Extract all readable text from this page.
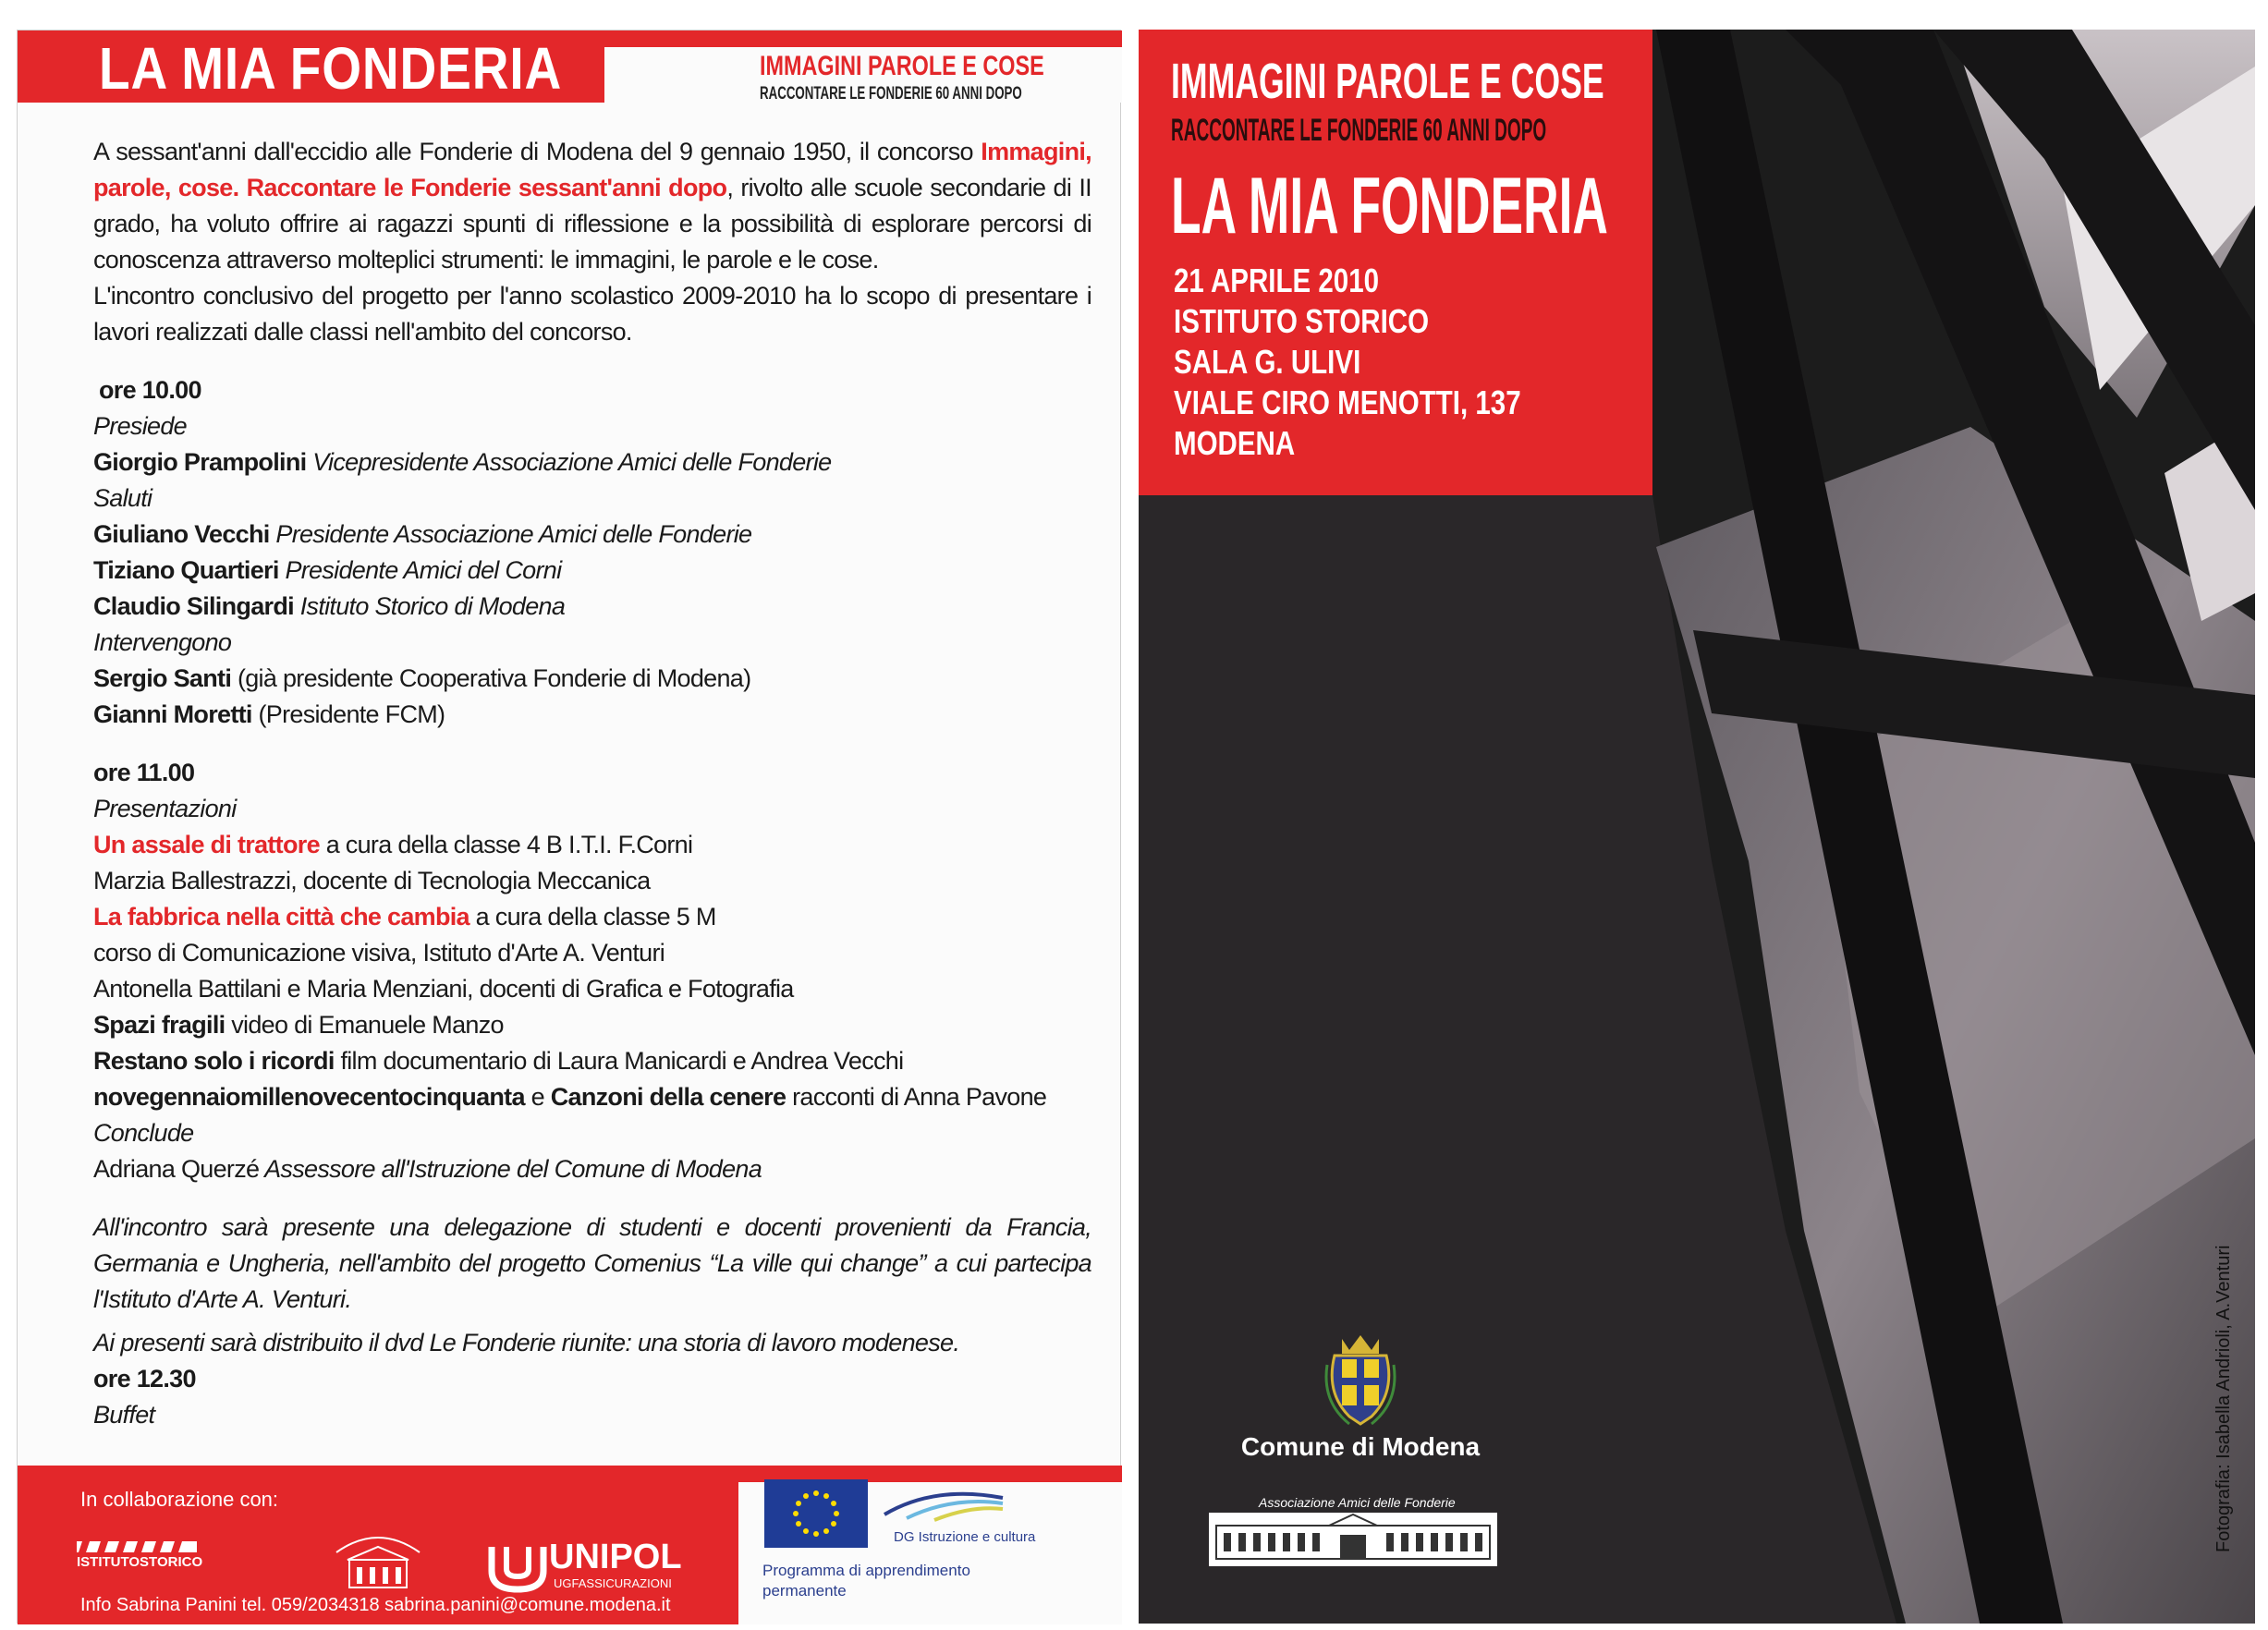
LA MIA FONDERIA	IMMAGINI PAROLE E COSE
RACCONTARE LE FONDERIE 60 ANNI DOPO

A sessant'anni dall'eccidio alle Fonderie di Modena del 9 gennaio 1950, il concorso Immagini, parole, cose. Raccontare le Fonderie sessant'anni dopo, rivolto alle scuole secondarie di II grado, ha voluto offrire ai ragazzi spunti di riflessione e la possibilità di esplorare percorsi di conoscenza attraverso molteplici strumenti: le immagini, le parole e le cose.

L'incontro conclusivo del progetto per l'anno scolastico 2009-2010 ha lo scopo di presentare i lavori realizzati dalle classi nell'ambito del concorso.

ore 10.00

Presiede

Giorgio Prampolini Vicepresidente Associazione Amici delle Fonderie

Saluti

Giuliano Vecchi Presidente Associazione Amici delle Fonderie

Tiziano Quartieri Presidente Amici del Corni

Claudio Silingardi Istituto Storico di Modena

Intervengono

Sergio Santi (già presidente Cooperativa Fonderie di Modena)

Gianni Moretti (Presidente FCM)

ore 11.00

Presentazioni

Un assale di trattore a cura della classe 4 B I.T.I. F.Corni

Marzia Ballestrazzi, docente di Tecnologia Meccanica

La fabbrica nella città che cambia a cura della classe 5 M

corso di Comunicazione visiva, Istituto d'Arte A. Venturi

Antonella Battilani e Maria Menziani, docenti di Grafica e Fotografia

Spazi fragili video di Emanuele Manzo

Restano solo i ricordi film documentario di Laura Manicardi e Andrea Vecchi

novegennaiomillenovecentocinquanta e Canzoni della cenere racconti di Anna Pavone

Conclude

Adriana Querzé Assessore all'Istruzione del Comune di Modena

All'incontro sarà presente una delegazione di studenti e docenti provenienti da Francia, Germania e Ungheria, nell'ambito del progetto Comenius “La ville qui change” a cui partecipa l'Istituto d'Arte A. Venturi.

Ai presenti sarà distribuito il dvd Le Fonderie riunite: una storia di lavoro modenese.

ore 12.30

Buffet

In collaborazione con:
ISTITUTOSTORICO	UNIPOL
UGFASSICURAZIONI
Info Sabrina Panini tel. 059/2034318 sabrina.panini@comune.modena.it
DG Istruzione e cultura
Programma di apprendimento permanente
IMMAGINI PAROLE E COSE
RACCONTARE LE FONDERIE 60 ANNI DOPO
LA MIA FONDERIA
21 APRILE 2010
ISTITUTO STORICO
SALA G. ULIVI
VIALE CIRO MENOTTI, 137
MODENA
Comune di Modena
Associazione Amici delle Fonderie	Fotografia: Isabella Andrioli, A.Venturi
